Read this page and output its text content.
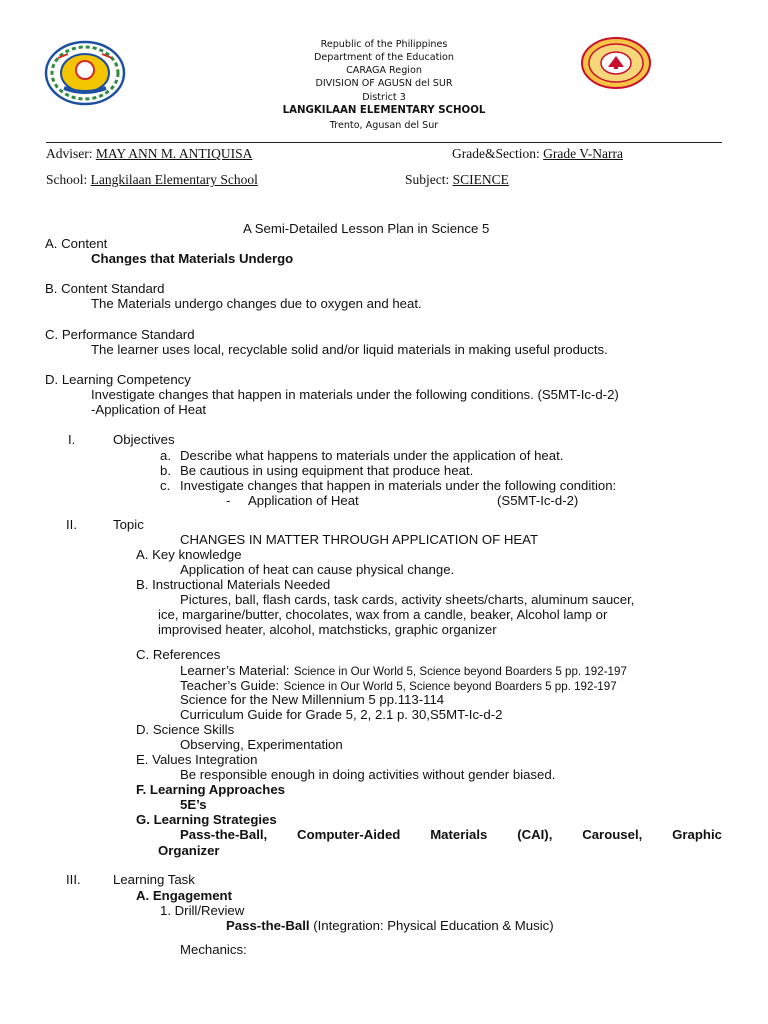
Republic of the Philippines
Department of the Education
CARAGA Region
DIVISION OF AGUSN del SUR
District 3
LANGKILAAN ELEMENTARY SCHOOL
Trento, Agusan del Sur
Adviser: MAY ANN M. ANTIQUISA	Grade&Section: Grade V-Narra
School: Langkilaan Elementary School	Subject: SCIENCE
A Semi-Detailed Lesson Plan in Science 5
A. Content
Changes that Materials Undergo
B. Content Standard
The Materials undergo changes due to oxygen and heat.
C. Performance Standard
The learner uses local, recyclable solid and/or liquid materials in making useful products.
D. Learning Competency
Investigate changes that happen in materials under the following conditions. (S5MT-Ic-d-2)
-Application of Heat
I.	Objectives
a. Describe what happens to materials under the application of heat.
b. Be cautious in using equipment that produce heat.
c. Investigate changes that happen in materials under the following condition:
- Application of Heat	(S5MT-Ic-d-2)
II.	Topic
CHANGES IN MATTER THROUGH APPLICATION OF HEAT
A. Key knowledge
Application of heat can cause physical change.
B. Instructional Materials Needed
Pictures, ball, flash cards, task cards, activity sheets/charts, aluminum saucer,
ice, margarine/butter, chocolates, wax from a candle, beaker, Alcohol lamp or
improvised heater, alcohol, matchsticks, graphic organizer
C. References
Learner’s Material: Science in Our World 5, Science beyond Boarders 5 pp. 192-197
Teacher’s Guide: Science in Our World 5, Science beyond Boarders 5 pp. 192-197
Science for the New Millennium 5 pp.113-114
Curriculum Guide for Grade 5, 2, 2.1 p. 30,S5MT-Ic-d-2
D. Science Skills
Observing, Experimentation
E. Values Integration
Be responsible enough in doing activities without gender biased.
F. Learning Approaches
5E’s
G. Learning Strategies
Pass-the-Ball, Computer-Aided Materials (CAI), Carousel, Graphic
Organizer
III. Learning Task
A. Engagement
1. Drill/Review
Pass-the-Ball (Integration: Physical Education & Music)
Mechanics:
